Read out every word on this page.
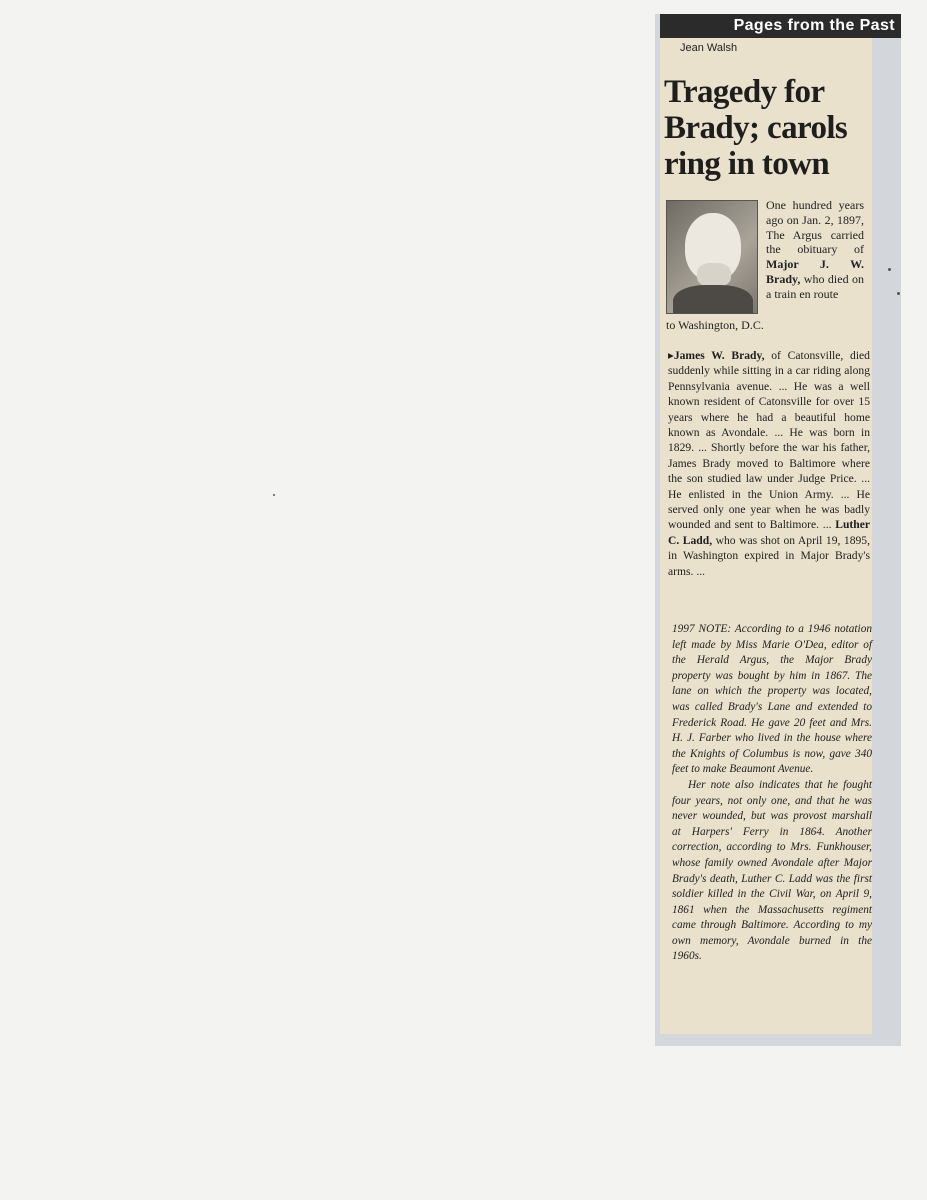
Pages from the Past
Jean Walsh
Tragedy for Brady; carols ring in town
One hundred years ago on Jan. 2, 1897, The Argus carried the obituary of Major J. W. Brady, who died on a train en route
to Washington, D.C.
▸James W. Brady, of Catonsville, died suddenly while sitting in a car riding along Pennsylvania avenue. ... He was a well known resident of Catonsville for over 15 years where he had a beautiful home known as Avondale. ... He was born in 1829. ... Shortly before the war his father, James Brady moved to Baltimore where the son studied law under Judge Price. ... He enlisted in the Union Army. ... He served only one year when he was badly wounded and sent to Baltimore. ... Luther C. Ladd, who was shot on April 19, 1895, in Washington expired in Major Brady's arms. ...

1997 NOTE: According to a 1946 notation left made by Miss Marie O'Dea, editor of the Herald Argus, the Major Brady property was bought by him in 1867. The lane on which the property was located, was called Brady's Lane and extended to Frederick Road. He gave 20 feet and Mrs. H. J. Farber who lived in the house where the Knights of Columbus is now, gave 340 feet to make Beaumont Avenue.

Her note also indicates that he fought four years, not only one, and that he was never wounded, but was provost marshall at Harpers' Ferry in 1864. Another correction, according to Mrs. Funkhouser, whose family owned Avondale after Major Brady's death, Luther C. Ladd was the first soldier killed in the Civil War, on April 9, 1861 when the Massachusetts regiment came through Baltimore. According to my own memory, Avondale burned in the 1960s.
